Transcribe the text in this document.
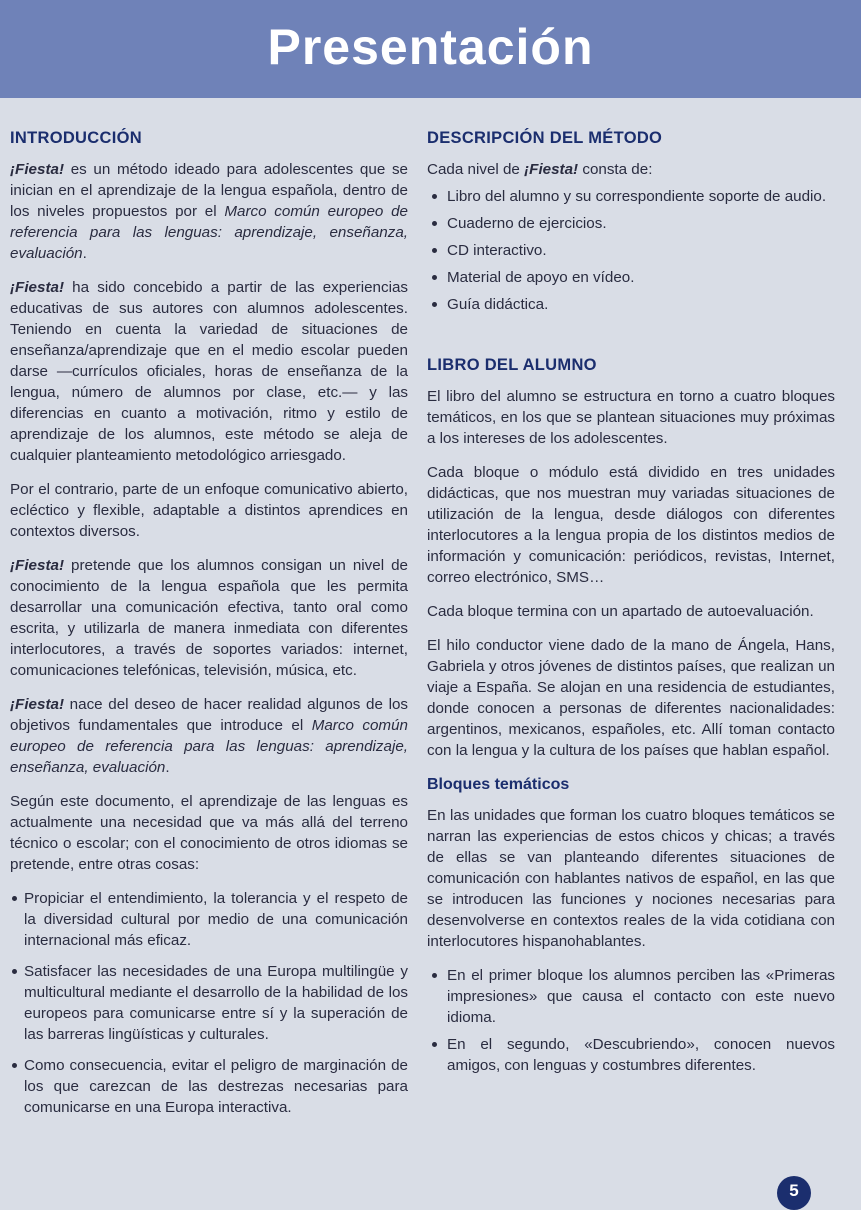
Presentación
INTRODUCCIÓN

¡Fiesta! es un método ideado para adolescentes que se inician en el aprendizaje de la lengua española, dentro de los niveles propuestos por el Marco común europeo de referencia para las lenguas: aprendizaje, enseñanza, evaluación.

¡Fiesta! ha sido concebido a partir de las experiencias educativas de sus autores con alumnos adolescentes. Teniendo en cuenta la variedad de situaciones de enseñanza/aprendizaje que en el medio escolar pueden darse —currículos oficiales, horas de enseñanza de la lengua, número de alumnos por clase, etc.— y las diferencias en cuanto a motivación, ritmo y estilo de aprendizaje de los alumnos, este método se aleja de cualquier planteamiento metodológico arriesgado.

Por el contrario, parte de un enfoque comunicativo abierto, ecléctico y flexible, adaptable a distintos aprendices en contextos diversos.

¡Fiesta! pretende que los alumnos consigan un nivel de conocimiento de la lengua española que les permita desarrollar una comunicación efectiva, tanto oral como escrita, y utilizarla de manera inmediata con diferentes interlocutores, a través de soportes variados: internet, comunicaciones telefónicas, televisión, música, etc.

¡Fiesta! nace del deseo de hacer realidad algunos de los objetivos fundamentales que introduce el Marco común europeo de referencia para las lenguas: aprendizaje, enseñanza, evaluación.

Según este documento, el aprendizaje de las lenguas es actualmente una necesidad que va más allá del terreno técnico o escolar; con el conocimiento de otros idiomas se pretende, entre otras cosas:

Propiciar el entendimiento, la tolerancia y el respeto de la diversidad cultural por medio de una comunicación internacional más eficaz.
Satisfacer las necesidades de una Europa multilingüe y multicultural mediante el desarrollo de la habilidad de los europeos para comunicarse entre sí y la superación de las barreras lingüísticas y culturales.
Como consecuencia, evitar el peligro de marginación de los que carezcan de las destrezas necesarias para comunicarse en una Europa interactiva.
DESCRIPCIÓN DEL MÉTODO

Cada nivel de ¡Fiesta! consta de:

Libro del alumno y su correspondiente soporte de audio.
Cuaderno de ejercicios.
CD interactivo.
Material de apoyo en vídeo.
Guía didáctica.
LIBRO DEL ALUMNO

El libro del alumno se estructura en torno a cuatro bloques temáticos, en los que se plantean situaciones muy próximas a los intereses de los adolescentes.

Cada bloque o módulo está dividido en tres unidades didácticas, que nos muestran muy variadas situaciones de utilización de la lengua, desde diálogos con diferentes interlocutores a la lengua propia de los distintos medios de información y comunicación: periódicos, revistas, Internet, correo electrónico, SMS…

Cada bloque termina con un apartado de autoevaluación.

El hilo conductor viene dado de la mano de Ángela, Hans, Gabriela y otros jóvenes de distintos países, que realizan un viaje a España. Se alojan en una residencia de estudiantes, donde conocen a personas de diferentes nacionalidades: argentinos, mexicanos, españoles, etc. Allí toman contacto con la lengua y la cultura de los países que hablan español.

Bloques temáticos

En las unidades que forman los cuatro bloques temáticos se narran las experiencias de estos chicos y chicas; a través de ellas se van planteando diferentes situaciones de comunicación con hablantes nativos de español, en las que se introducen las funciones y nociones necesarias para desenvolverse en contextos reales de la vida cotidiana con interlocutores hispanohablantes.

En el primer bloque los alumnos perciben las «Primeras impresiones» que causa el contacto con este nuevo idioma.
En el segundo, «Descubriendo», conocen nuevos amigos, con lenguas y costumbres diferentes.
5
